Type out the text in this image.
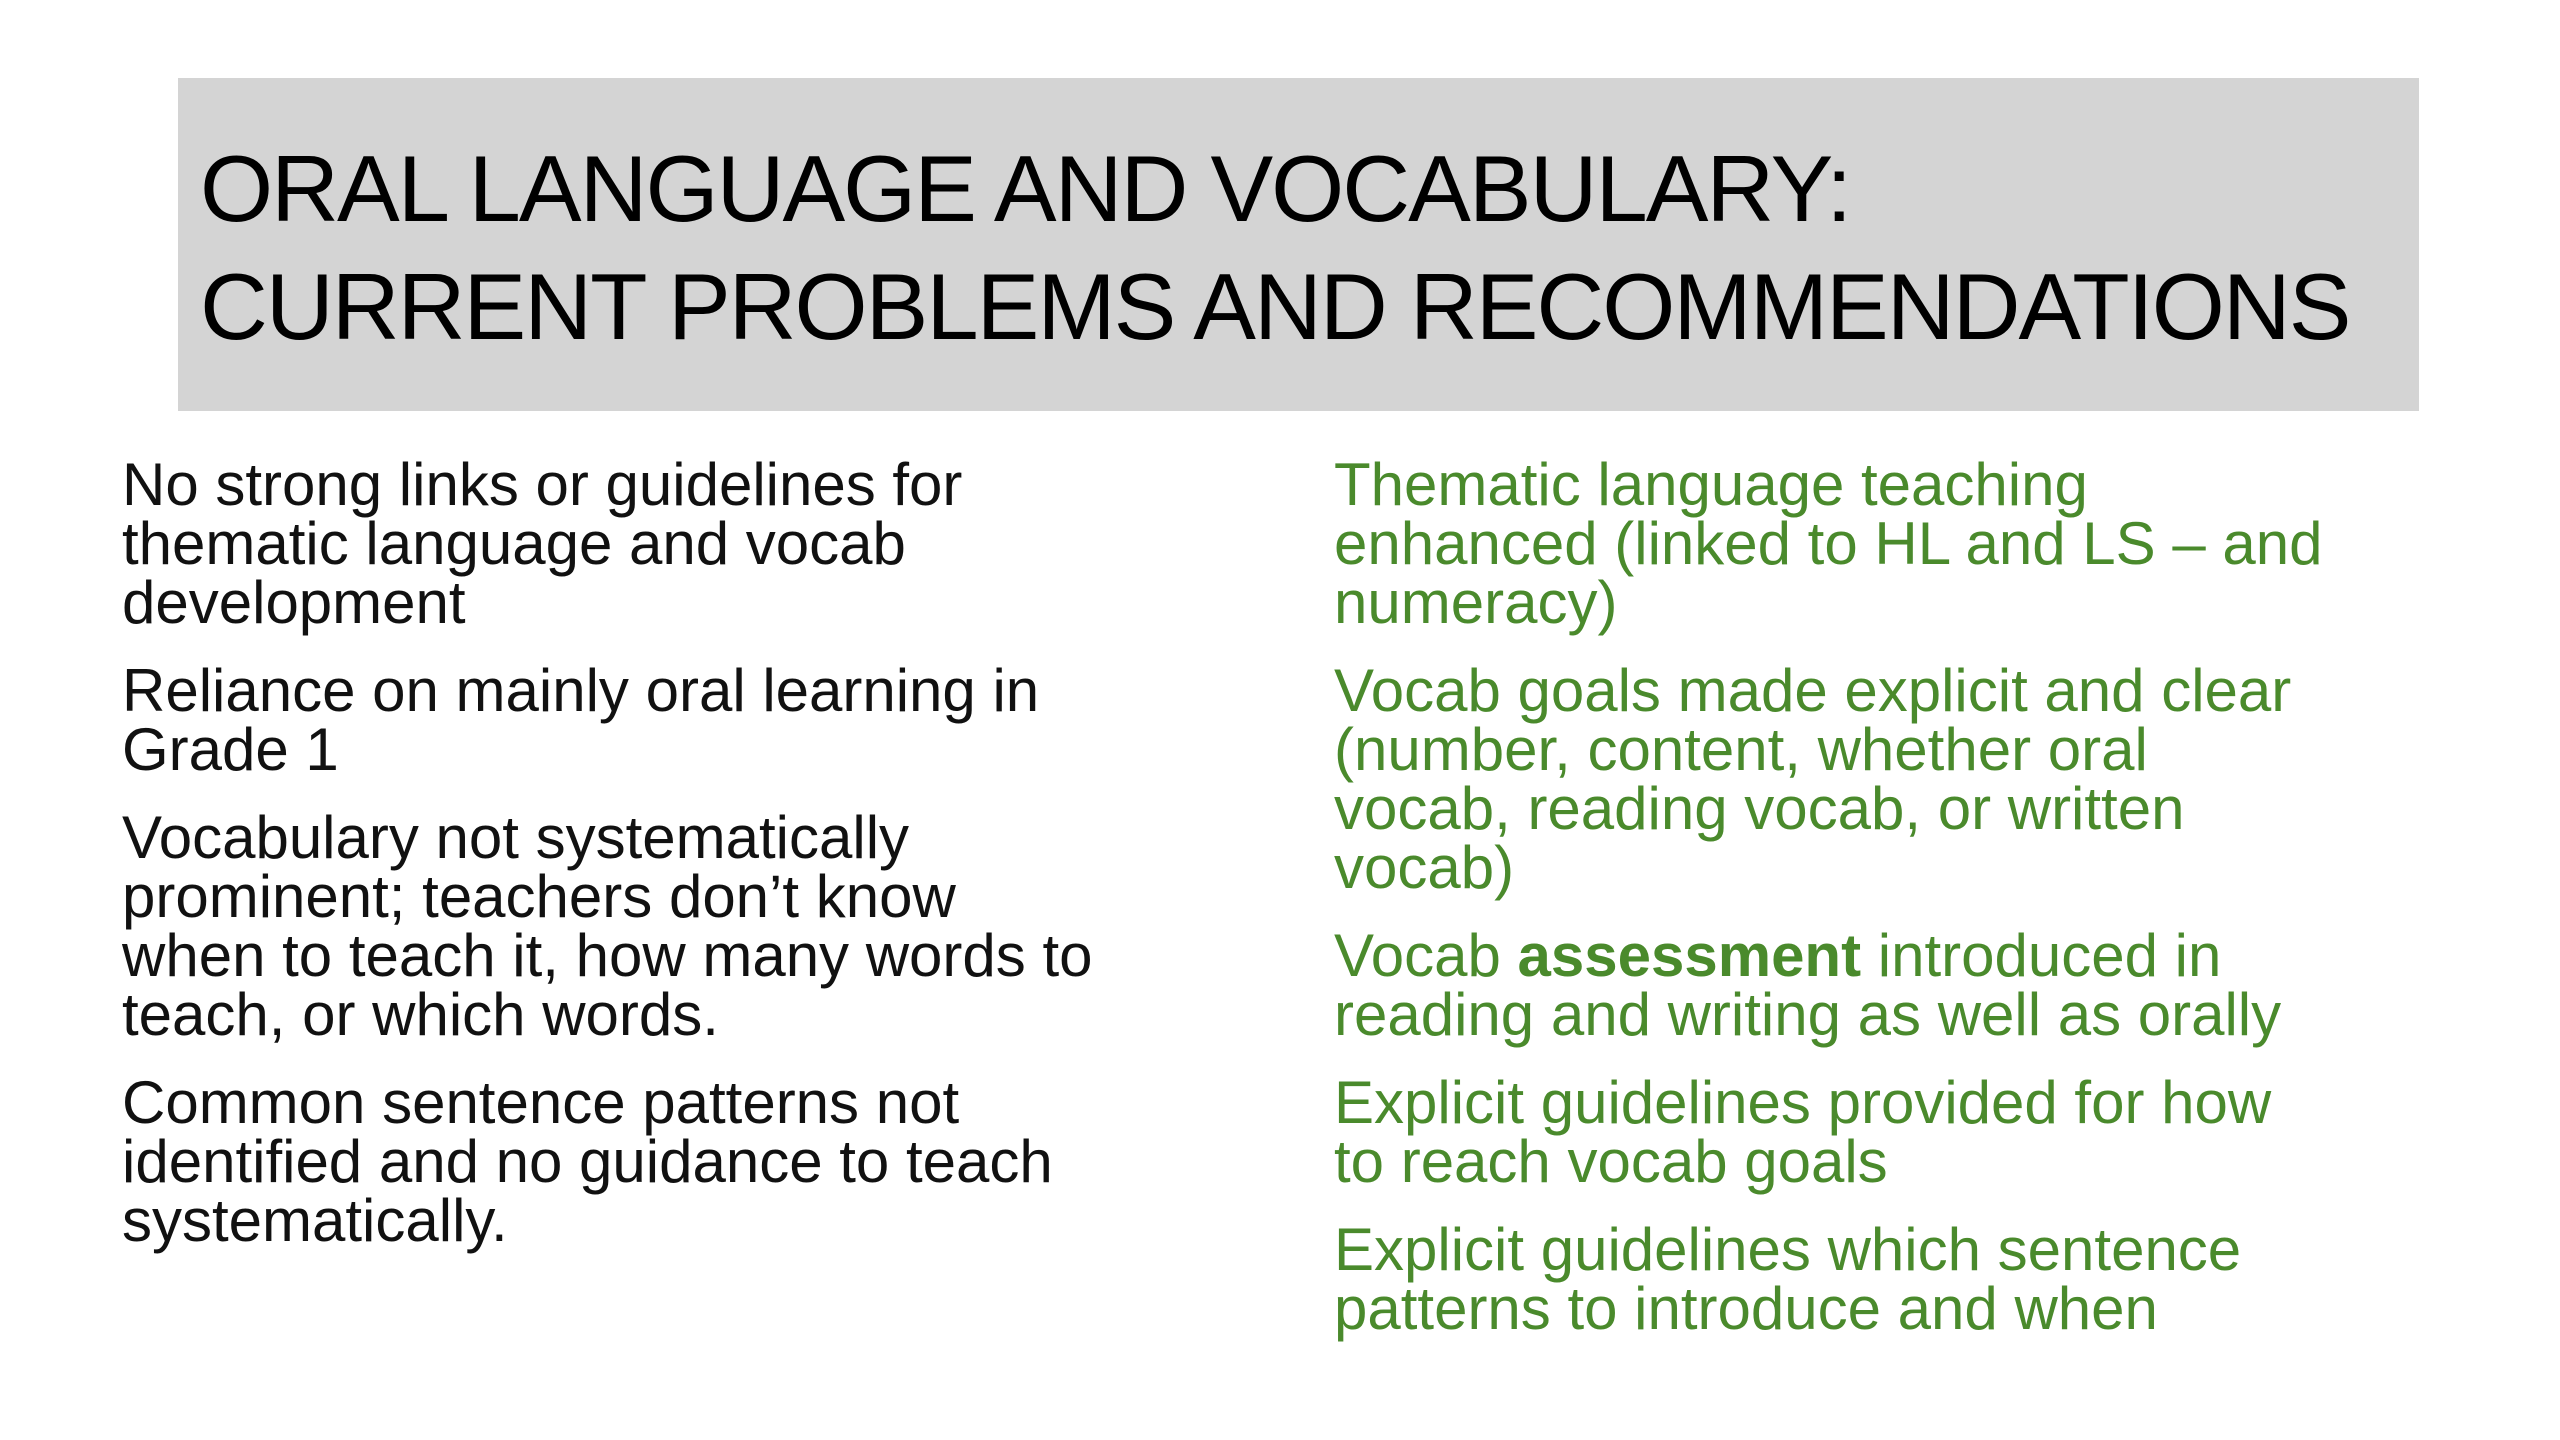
ORAL LANGUAGE AND VOCABULARY:
CURRENT PROBLEMS AND RECOMMENDATIONS
No strong links or guidelines for
thematic language and vocab
development
Reliance on mainly oral learning in
Grade 1
Vocabulary not systematically
prominent; teachers don’t know
when to teach it, how many words to
teach, or which words.
Common sentence patterns not
identified and no guidance to teach
systematically.
Thematic language teaching
enhanced (linked to HL and LS – and
numeracy)
Vocab goals made explicit and clear
(number, content, whether oral
vocab, reading vocab, or written
vocab)
Vocab assessment introduced in
reading and writing as well as orally
Explicit guidelines provided for how
to reach vocab goals
Explicit guidelines which sentence
patterns to introduce and when
